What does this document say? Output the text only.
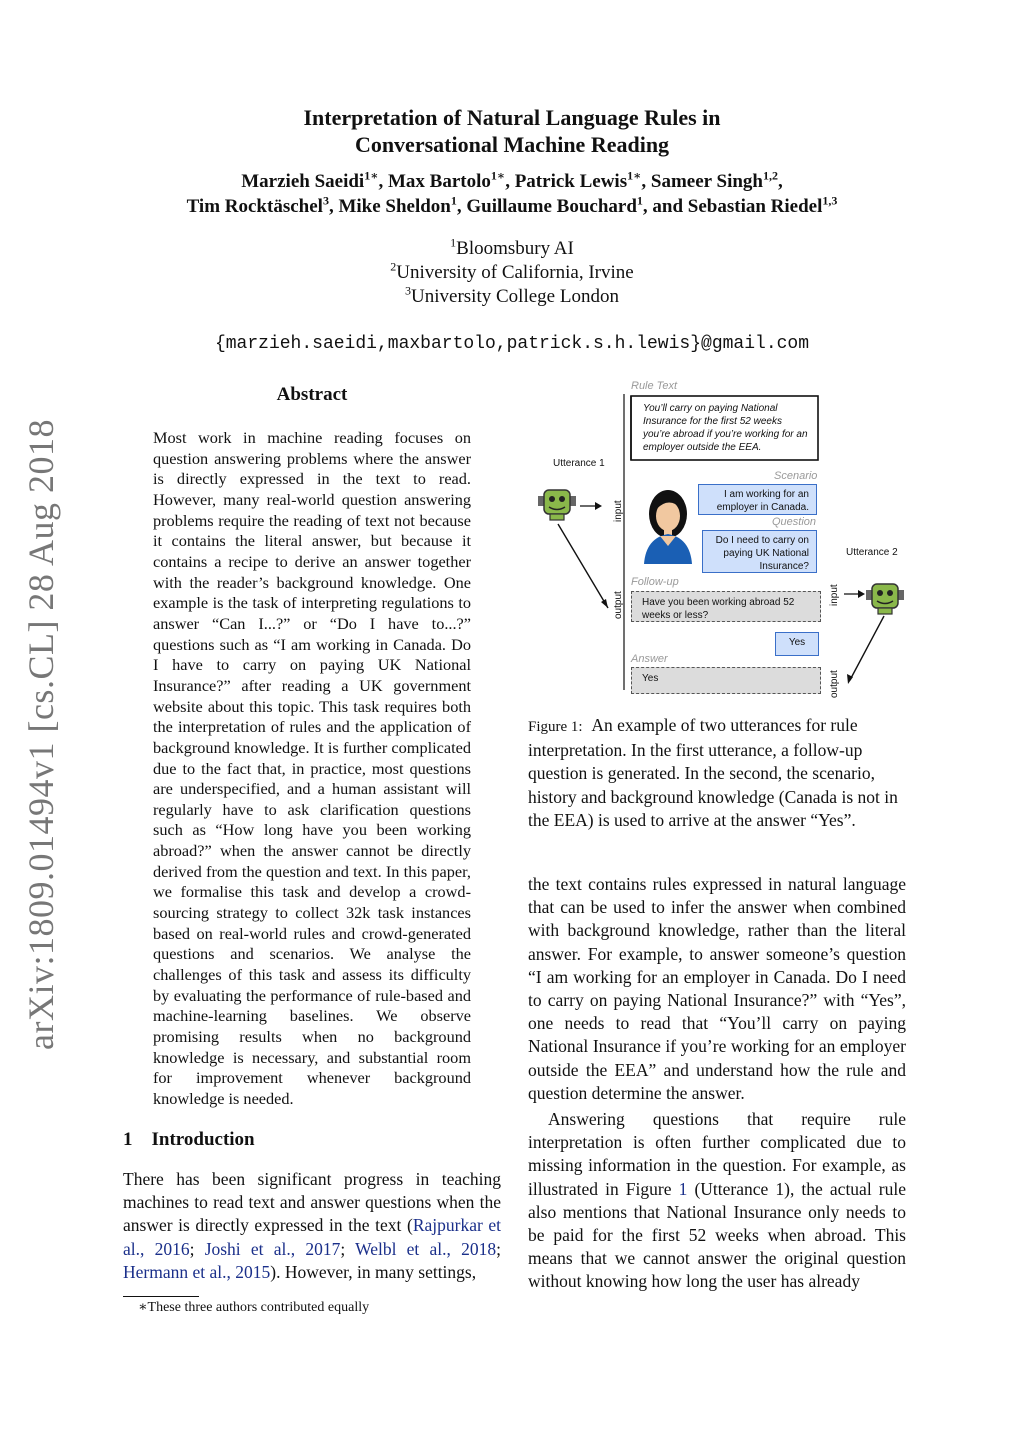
Interpretation of Natural Language Rules in
Conversational Machine Reading
Marzieh Saeidi$^{1∗}$, Max Bartolo$^{1∗}$, Patrick Lewis$^{1∗}$, Sameer Singh$^{1,2}$,
Tim Rocktäschel$^3$, Mike Sheldon$^1$, Guillaume Bouchard$^1$, and Sebastian Riedel$^{1,3}$
$^1$Bloomsbury AI
$^2$University of California, Irvine
$^3$University College London
{marzieh.saeidi,maxbartolo,patrick.s.h.lewis}@gmail.com
arXiv:1809.01494v1 [cs.CL] 28 Aug 2018
Abstract

Most work in machine reading focuses on question answering problems where the answer is directly expressed in the text to read. However, many real-world question answering problems require the reading of text not because it contains the literal answer, but because it contains a recipe to derive an answer together with the reader’s background knowledge. One example is the task of interpreting regulations to answer “Can I...?” or “Do I have to...?” questions such as “I am working in Canada. Do I have to carry on paying UK National Insurance?” after reading a UK government website about this topic. This task requires both the interpretation of rules and the application of background knowledge. It is further complicated due to the fact that, in practice, most questions are underspecified, and a human assistant will regularly have to ask clarification questions such as “How long have you been working abroad?” when the answer cannot be directly derived from the question and text. In this paper, we formalise this task and develop a crowd-sourcing strategy to collect 32k task instances based on real-world rules and crowd-generated questions and scenarios. We analyse the challenges of this task and assess its difficulty by evaluating the performance of rule-based and machine-learning baselines. We observe promising results when no background knowledge is necessary, and substantial room for improvement whenever background knowledge is needed.

1 Introduction

There has been significant progress in teaching machines to read text and answer questions when the answer is directly expressed in the text (Rajpurkar et al., 2016; Joshi et al., 2017; Welbl et al., 2018; Hermann et al., 2015). However, in many settings,

∗These three authors contributed equally
Rule Text
You’ll carry on paying National Insurance for the first 52 weeks you’re abroad if you’re working for an employer outside the EEA.
Utterance 1
Utterance 2
Scenario
I am working for an employer in Canada.
Question
Do I need to carry on paying UK National Insurance?
Follow-up
Have you been working abroad 52 weeks or less?
Yes
Answer
Yes
input
output	input
output
Figure 1: An example of two utterances for rule interpretation. In the first utterance, a follow-up question is generated. In the second, the scenario, history and background knowledge (Canada is not in the EEA) is used to arrive at the answer “Yes”.

the text contains rules expressed in natural language that can be used to infer the answer when combined with background knowledge, rather than the literal answer. For example, to answer someone’s question “I am working for an employer in Canada. Do I need to carry on paying National Insurance?” with “Yes”, one needs to read that “You’ll carry on paying National Insurance if you’re working for an employer outside the EEA” and understand how the rule and question determine the answer.

Answering questions that require rule interpretation is often further complicated due to missing information in the question. For example, as illustrated in Figure 1 (Utterance 1), the actual rule also mentions that National Insurance only needs to be paid for the first 52 weeks when abroad. This means that we cannot answer the original question without knowing how long the user has already
